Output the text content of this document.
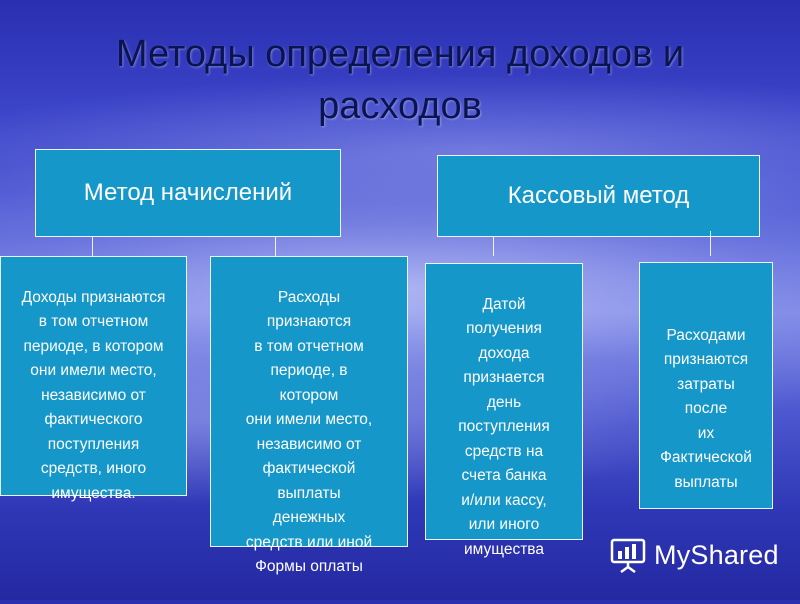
Методы определения доходов и
расходов
Метод начислений	Кассовый метод

Доходы признаются
в том отчетном
периоде, в котором
они имели место,
независимо от
фактического
поступления
средств, иного
имущества.

Расходы
признаются
в том отчетном
периоде, в
котором
они имели место,
независимо от
фактической
выплаты
денежных
средств или иной
Формы оплаты

Датой
получения
дохода
признается
день
поступления
средств на
счета банка
и/или кассу,
или иного
имущества

Расходами
признаются
затраты
после
их
Фактической
выплаты

MyShared
